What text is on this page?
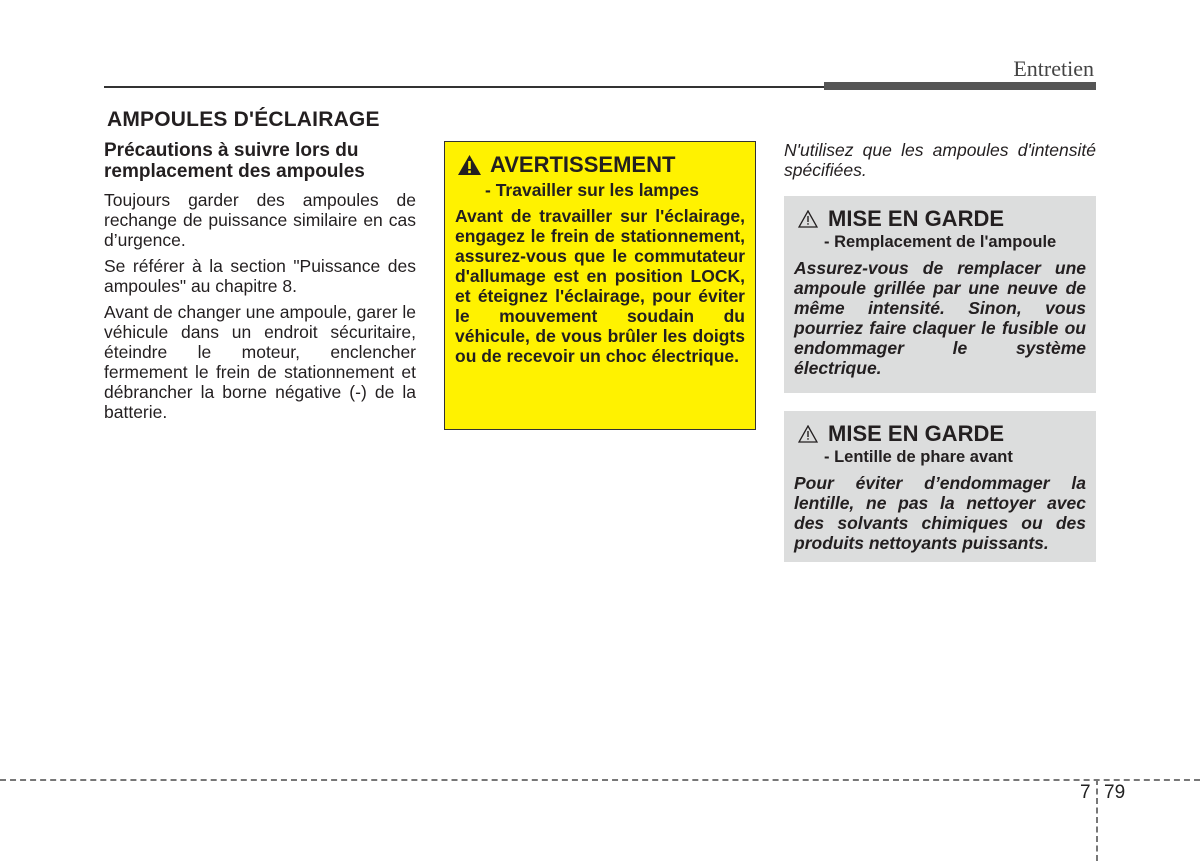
Entretien
AMPOULES D'ÉCLAIRAGE
Précautions à suivre lors du
remplacement des ampoules

Toujours garder des ampoules de rechange de puissance similaire en cas d’urgence.

Se référer à la section "Puissance des ampoules" au chapitre 8.

Avant de changer une ampoule, garer le véhicule dans un endroit sécuritaire, éteindre le moteur, enclencher fermement le frein de stationnement et débrancher la borne négative (-) de la batterie.

AVERTISSEMENT
- Travailler sur les lampes

Avant de travailler sur l'éclairage, engagez le frein de stationnement, assurez-vous que le commutateur d'allumage est en position LOCK, et éteignez l'éclairage, pour éviter le mouvement soudain du véhicule, de vous brûler les doigts ou de recevoir un choc électrique.

N'utilisez que les ampoules d'intensité spécifiées.

MISE EN GARDE
- Remplacement de l'ampoule

Assurez-vous de remplacer une ampoule grillée par une neuve de même intensité. Sinon, vous pourriez faire claquer le fusible ou endommager le système électrique.

MISE EN GARDE
- Lentille de phare avant

Pour éviter d’endommager la lentille, ne pas la nettoyer avec des solvants chimiques ou des produits nettoyants puissants.

7 79
